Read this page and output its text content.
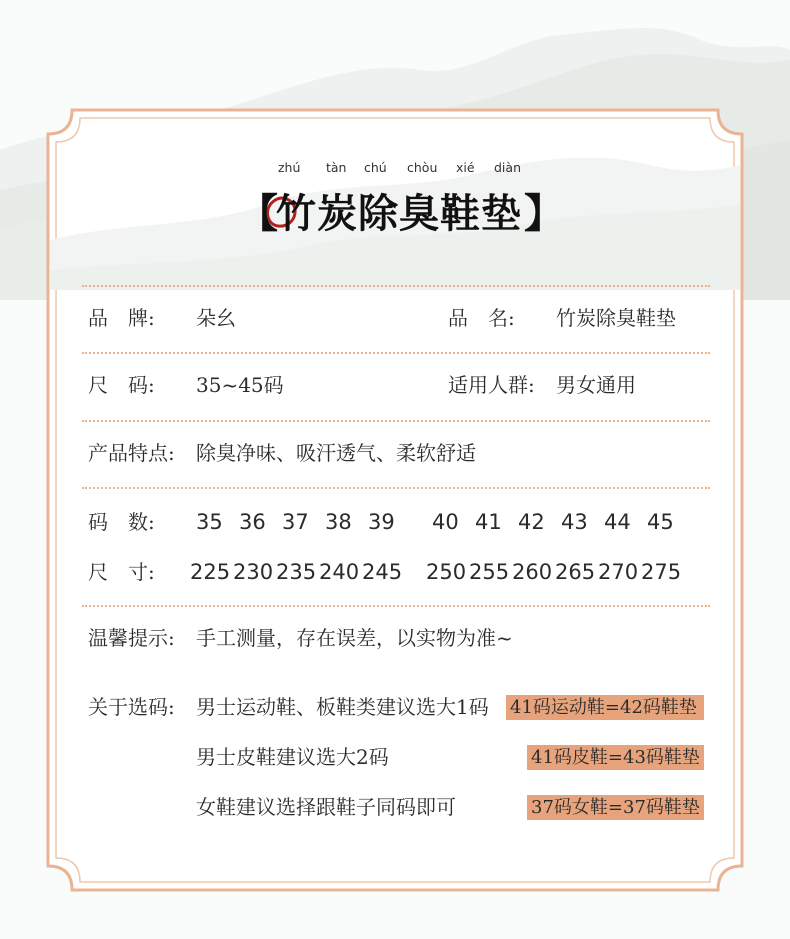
zhú tàn chú chòu xié diàn
【
竹炭除臭鞋垫 】
品　牌: 朵幺	品　名: 竹炭除臭鞋垫
尺　码: 35~45码	适用人群: 男女通用
产品特点: 除臭净味、吸汗透气、柔软舒适
码　数: 35 36 37 38 39 40 41 42 43 44 45
尺　寸: 225 230 235 240 245 250 255 260 265 270 275
温馨提示: 手工测量，存在误差，以实物为准~
关于选码: 男士运动鞋、板鞋类建议选大1码 41码运动鞋=42码鞋垫
男士皮鞋建议选大2码	41码皮鞋=43码鞋垫
女鞋建议选择跟鞋子同码即可	37码女鞋=37码鞋垫
